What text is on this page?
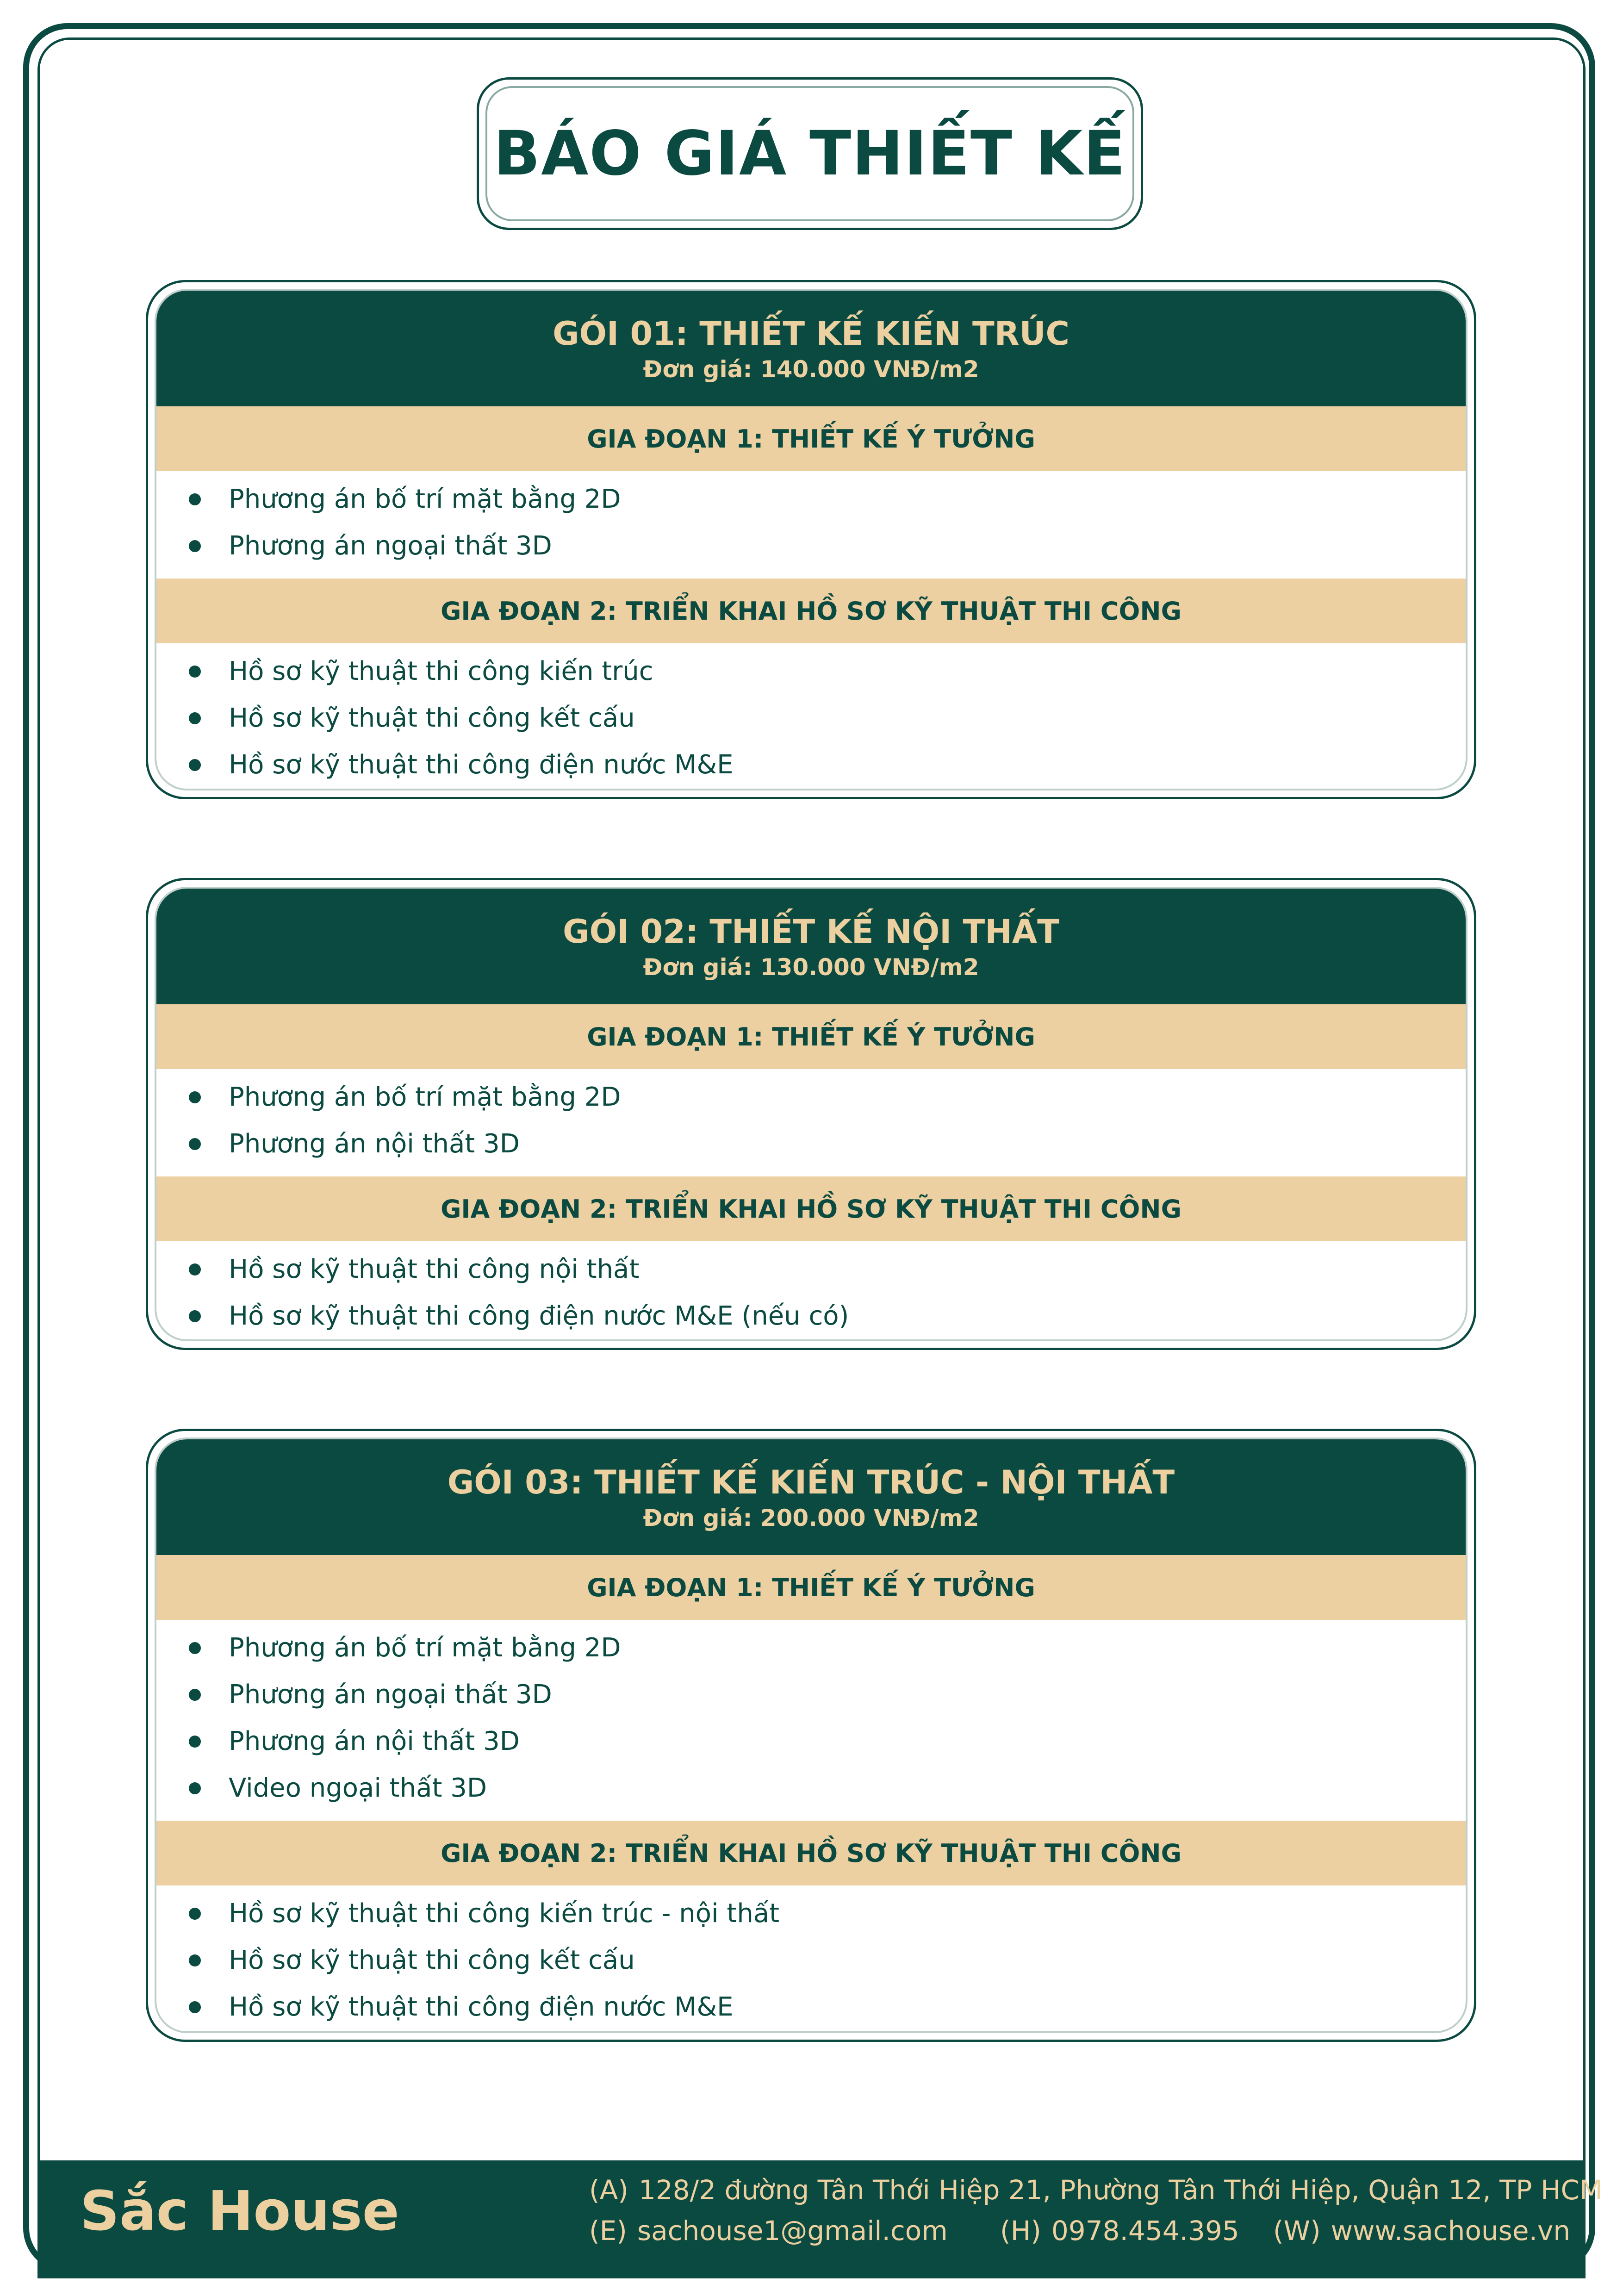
BÁO GIÁ THIẾT KẾ
GÓI 01: THIẾT KẾ KIẾN TRÚC
Đơn giá: 140.000 VNĐ/m2
GIA ĐOẠN 1: THIẾT KẾ Ý TƯỞNG
Phương án bố trí mặt bằng 2D
Phương án ngoại thất 3D
GIA ĐOẠN 2: TRIỂN KHAI HỒ SƠ KỸ THUẬT THI CÔNG
Hồ sơ kỹ thuật thi công kiến trúc
Hồ sơ kỹ thuật thi công kết cấu
Hồ sơ kỹ thuật thi công điện nước M&E
GÓI 02: THIẾT KẾ NỘI THẤT
Đơn giá: 130.000 VNĐ/m2
GIA ĐOẠN 1: THIẾT KẾ Ý TƯỞNG
Phương án bố trí mặt bằng 2D
Phương án nội thất 3D
GIA ĐOẠN 2: TRIỂN KHAI HỒ SƠ KỸ THUẬT THI CÔNG
Hồ sơ kỹ thuật thi công nội thất
Hồ sơ kỹ thuật thi công điện nước M&E (nếu có)
GÓI 03: THIẾT KẾ KIẾN TRÚC - NỘI THẤT
Đơn giá: 200.000 VNĐ/m2
GIA ĐOẠN 1: THIẾT KẾ Ý TƯỞNG
Phương án bố trí mặt bằng 2D
Phương án ngoại thất 3D
Phương án nội thất 3D
Video ngoại thất 3D
GIA ĐOẠN 2: TRIỂN KHAI HỒ SƠ KỸ THUẬT THI CÔNG
Hồ sơ kỹ thuật thi công kiến trúc - nội thất
Hồ sơ kỹ thuật thi công kết cấu
Hồ sơ kỹ thuật thi công điện nước M&E
Sắc House	(A) 128/2 đường Tân Thới Hiệp 21, Phường Tân Thới Hiệp, Quận 12, TP HCM
(E) sachouse1@gmail.com (H) 0978.454.395 (W) www.sachouse.vn
